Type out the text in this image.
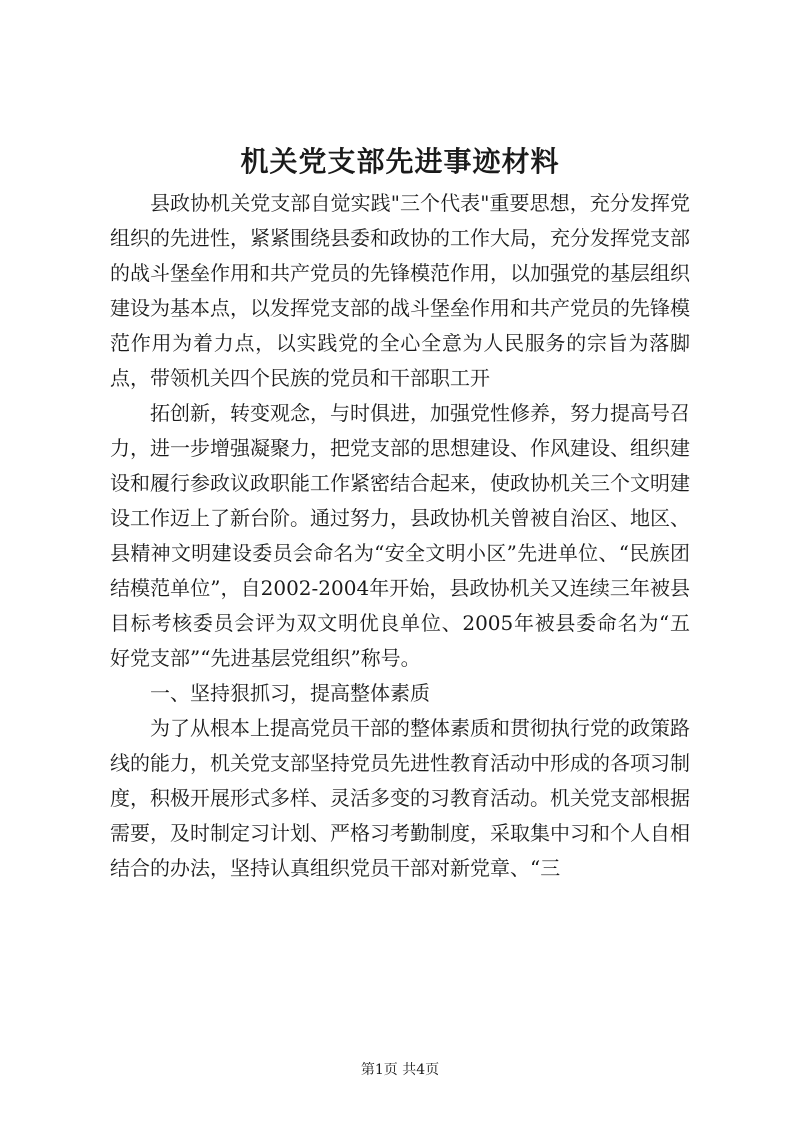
机关党支部先进事迹材料

县政协机关党支部自觉实践"三个代表"重要思想，充分发挥党组织的先进性，紧紧围绕县委和政协的工作大局，充分发挥党支部的战斗堡垒作用和共产党员的先锋模范作用，以加强党的基层组织建设为基本点，以发挥党支部的战斗堡垒作用和共产党员的先锋模范作用为着力点，以实践党的全心全意为人民服务的宗旨为落脚点，带领机关四个民族的党员和干部职工开

拓创新，转变观念，与时俱进，加强党性修养，努力提高号召力，进一步增强凝聚力，把党支部的思想建设、作风建设、组织建设和履行参政议政职能工作紧密结合起来，使政协机关三个文明建设工作迈上了新台阶。通过努力，县政协机关曾被自治区、地区、县精神文明建设委员会命名为“安全文明小区”先进单位、“民族团结模范单位”，自2002-2004年开始，县政协机关又连续三年被县目标考核委员会评为双文明优良单位、2005年被县委命名为“五好党支部”“先进基层党组织”称号。

一、坚持狠抓习，提高整体素质

为了从根本上提高党员干部的整体素质和贯彻执行党的政策路线的能力，机关党支部坚持党员先进性教育活动中形成的各项习制度，积极开展形式多样、灵活多变的习教育活动。机关党支部根据需要，及时制定习计划、严格习考勤制度，采取集中习和个人自相结合的办法，坚持认真组织党员干部对新党章、“三

第1页 共4页
